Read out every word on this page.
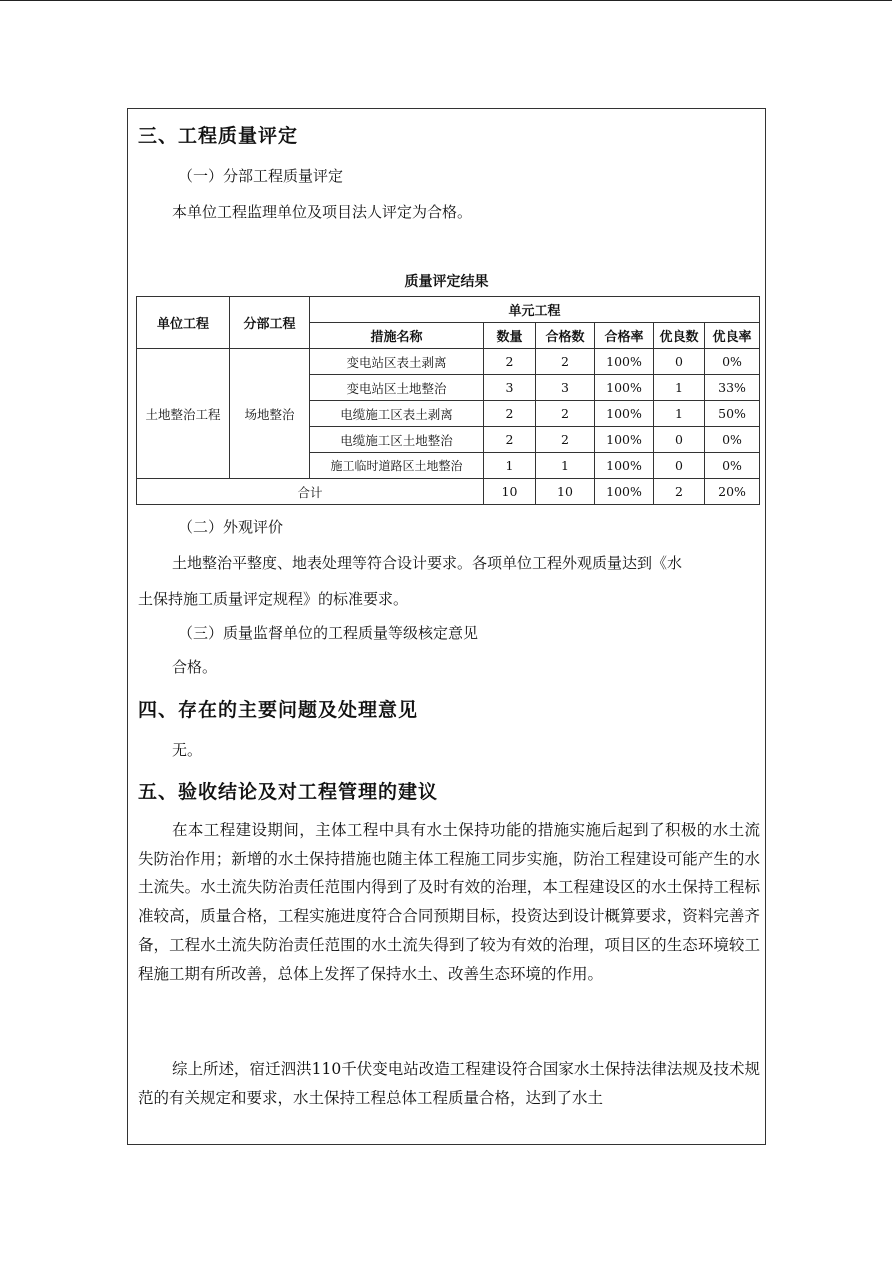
三、工程质量评定
（一）分部工程质量评定
本单位工程监理单位及项目法人评定为合格。
质量评定结果
单位工程	分部工程	单元工程					
		措施名称	数量	合格数	合格率	优良数	优良率
土地整治工程	场地整治	变电站区表土剥离	2	2	100%	0	0%
		变电站区土地整治	3	3	100%	1	33%
		电缆施工区表土剥离	2	2	100%	1	50%
		电缆施工区土地整治	2	2	100%	0	0%
		施工临时道路区土地整治	1	1	100%	0	0%
合计			10	10	100%	2	20%
（二）外观评价
土地整治平整度、地表处理等符合设计要求。各项单位工程外观质量达到《水
土保持施工质量评定规程》的标准要求。
（三）质量监督单位的工程质量等级核定意见
合格。
四、存在的主要问题及处理意见
无。
五、验收结论及对工程管理的建议

在本工程建设期间，主体工程中具有水土保持功能的措施实施后起到了积极的水土流失防治作用；新增的水土保持措施也随主体工程施工同步实施，防治工程建设可能产生的水土流失。水土流失防治责任范围内得到了及时有效的治理，本工程建设区的水土保持工程标准较高，质量合格，工程实施进度符合合同预期目标，投资达到设计概算要求，资料完善齐备，工程水土流失防治责任范围的水土流失得到了较为有效的治理，项目区的生态环境较工程施工期有所改善，总体上发挥了保持水土、改善生态环境的作用。

综上所述，宿迁泗洪110千伏变电站改造工程建设符合国家水土保持法律法规及技术规范的有关规定和要求，水土保持工程总体工程质量合格，达到了水土
